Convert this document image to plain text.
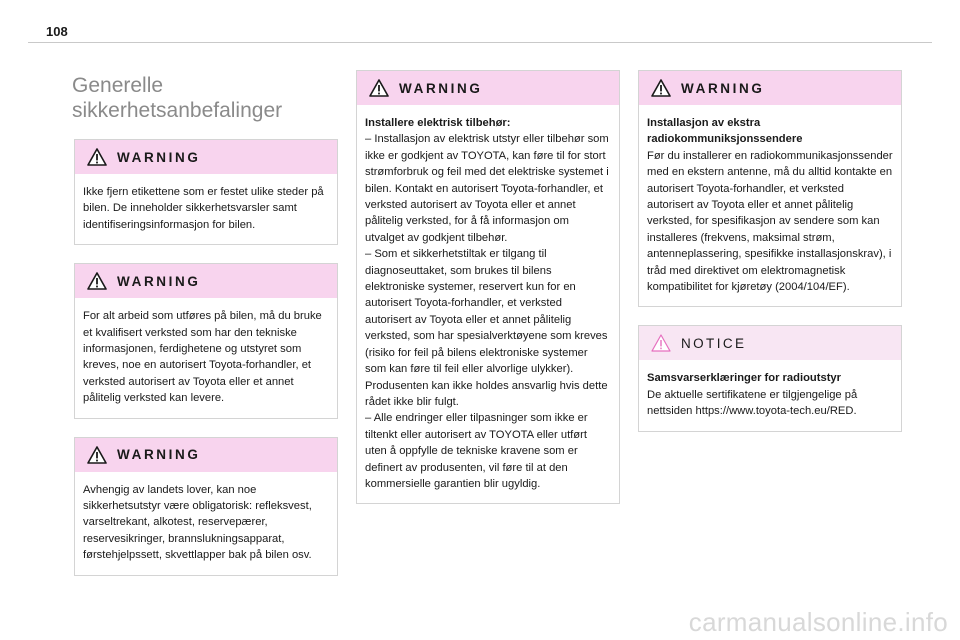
108
Generelle
sikkerhetsanbefalinger
WARNING

Ikke fjern etikettene som er festet ulike steder på bilen. De inneholder sikkerhetsvarsler samt identifiseringsinformasjon for bilen.

WARNING

For alt arbeid som utføres på bilen, må du bruke et kvalifisert verksted som har den tekniske informasjonen, ferdighetene og utstyret som kreves, noe en autorisert Toyota-forhandler, et verksted autorisert av Toyota eller et annet pålitelig verksted kan levere.

WARNING

Avhengig av landets lover, kan noe sikkerhetsutstyr være obligatorisk: refleksvest, varseltrekant, alkotest, reservepærer, reservesikringer, brannslukningsapparat, førstehjelpssett, skvettlapper bak på bilen osv.

WARNING

Installere elektrisk tilbehør:

– Installasjon av elektrisk utstyr eller tilbehør som ikke er godkjent av TOYOTA, kan føre til for stort strømforbruk og feil med det elektriske systemet i bilen. Kontakt en autorisert Toyota-forhandler, et verksted autorisert av Toyota eller et annet pålitelig verksted, for å få informasjon om utvalget av godkjent tilbehør.

– Som et sikkerhetstiltak er tilgang til diagnoseuttaket, som brukes til bilens elektroniske systemer, reservert kun for en autorisert Toyota-forhandler, et verksted autorisert av Toyota eller et annet pålitelig verksted, som har spesialverktøyene som kreves (risiko for feil på bilens elektroniske systemer som kan føre til feil eller alvorlige ulykker). Produsenten kan ikke holdes ansvarlig hvis dette rådet ikke blir fulgt.

– Alle endringer eller tilpasninger som ikke er tiltenkt eller autorisert av TOYOTA eller utført uten å oppfylle de tekniske kravene som er definert av produsenten, vil føre til at den kommersielle garantien blir ugyldig.

WARNING

Installasjon av ekstra radiokommuniksjonssendere

Før du installerer en radiokommunikasjonssender med en ekstern antenne, må du alltid kontakte en autorisert Toyota-forhandler, et verksted autorisert av Toyota eller et annet pålitelig verksted, for spesifikasjon av sendere som kan installeres (frekvens, maksimal strøm, antenneplassering, spesifikke installasjonskrav), i tråd med direktivet om elektromagnetisk kompatibilitet for kjøretøy (2004/104/EF).

NOTICE

Samsvarserklæringer for radioutstyr

De aktuelle sertifikatene er tilgjengelige på nettsiden https://www.toyota-tech.eu/RED.

carmanualsonline.info
